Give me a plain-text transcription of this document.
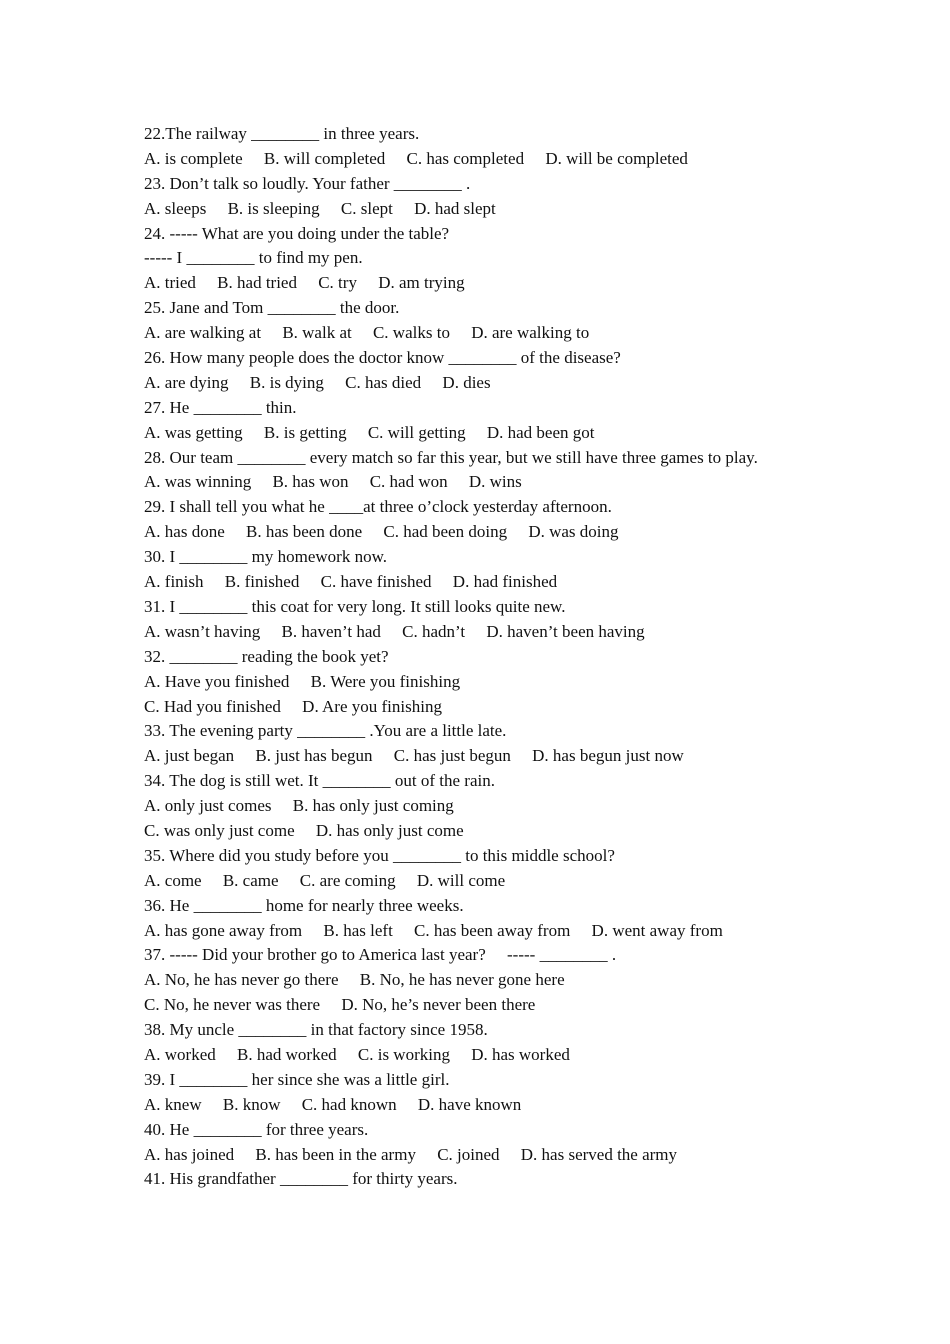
22.The railway ________ in three years.
A. is complete     B. will completed     C. has completed     D. will be completed
23. Don’t talk so loudly. Your father ________ .
A. sleeps     B. is sleeping     C. slept     D. had slept
24. ----- What are you doing under the table?
----- I ________ to find my pen.
A. tried     B. had tried     C. try     D. am trying
25. Jane and Tom ________ the door.
A. are walking at     B. walk at     C. walks to     D. are walking to
26. How many people does the doctor know ________ of the disease?
A. are dying     B. is dying     C. has died     D. dies
27. He ________ thin.
A. was getting     B. is getting     C. will getting     D. had been got
28. Our team ________ every match so far this year, but we still have three games to play.
A. was winning     B. has won     C. had won     D. wins
29. I shall tell you what he ____at three o’clock yesterday afternoon.
A. has done     B. has been done     C. had been doing     D. was doing
30. I ________ my homework now.
A. finish     B. finished     C. have finished     D. had finished
31. I ________ this coat for very long. It still looks quite new.
A. wasn’t having     B. haven’t had     C. hadn’t     D. haven’t been having
32. ________ reading the book yet?
A. Have you finished     B. Were you finishing
C. Had you finished     D. Are you finishing
33. The evening party ________ .You are a little late.
A. just began     B. just has begun     C. has just begun     D. has begun just now
34. The dog is still wet. It ________ out of the rain.
A. only just comes     B. has only just coming
C. was only just come     D. has only just come
35. Where did you study before you ________ to this middle school?
A. come     B. came     C. are coming     D. will come
36. He ________ home for nearly three weeks.
A. has gone away from     B. has left     C. has been away from     D. went away from
37. ----- Did your brother go to America last year?     ----- ________ .
A. No, he has never go there     B. No, he has never gone here
C. No, he never was there     D. No, he’s never been there
38. My uncle ________ in that factory since 1958.
A. worked     B. had worked     C. is working     D. has worked
39. I ________ her since she was a little girl.
A. knew     B. know     C. had known     D. have known
40. He ________ for three years.
A. has joined     B. has been in the army     C. joined     D. has served the army
41. His grandfather ________ for thirty years.
